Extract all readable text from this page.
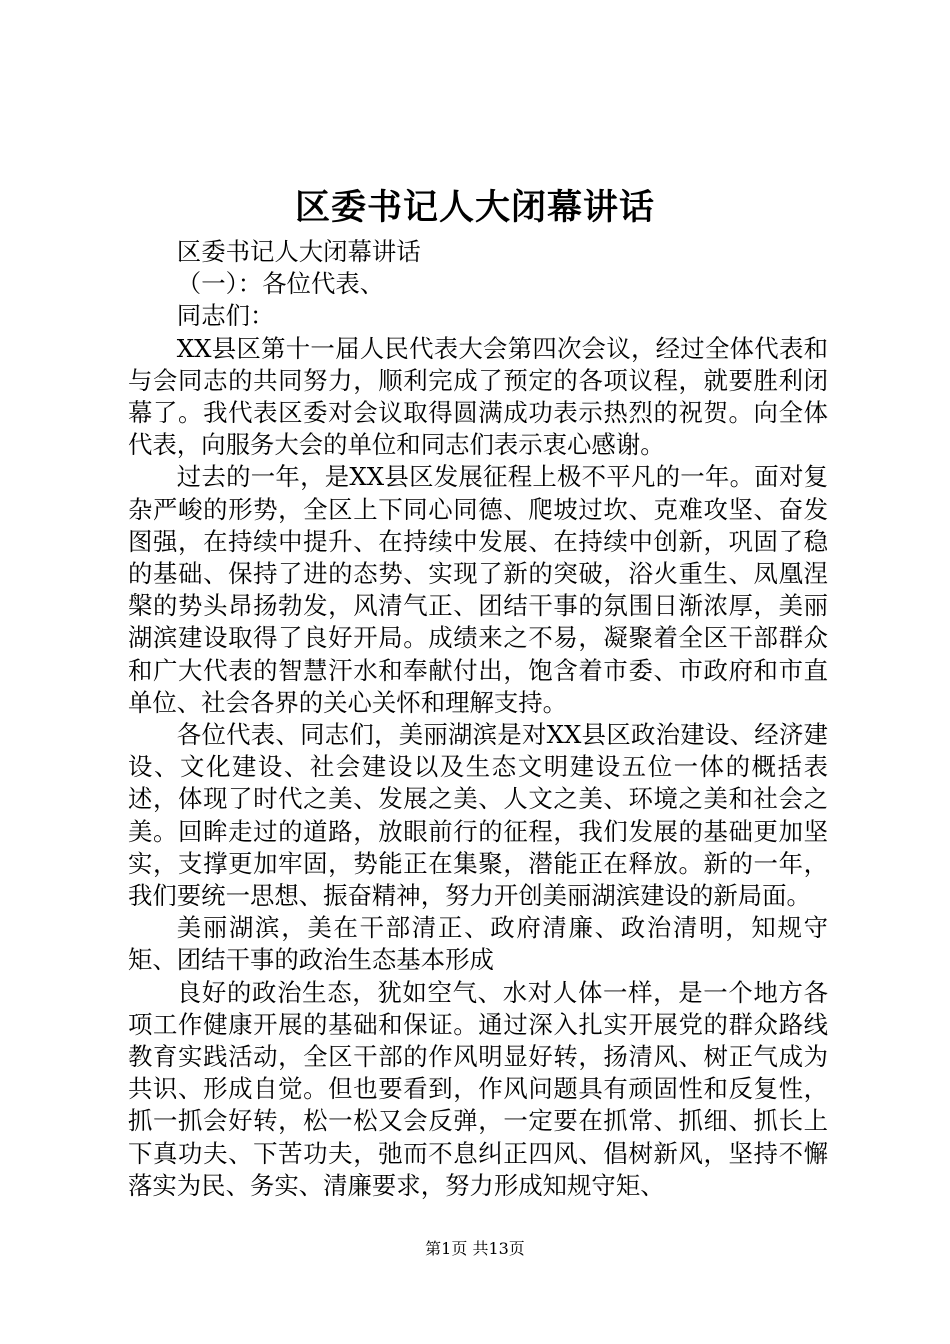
区委书记人大闭幕讲话

区委书记人大闭幕讲话

（一）：各位代表、

同志们：

XX县区第十一届人民代表大会第四次会议，经过全体代表和与会同志的共同努力，顺利完成了预定的各项议程，就要胜利闭幕了。我代表区委对会议取得圆满成功表示热烈的祝贺。向全体代表，向服务大会的单位和同志们表示衷心感谢。

过去的一年，是XX县区发展征程上极不平凡的一年。面对复杂严峻的形势，全区上下同心同德、爬坡过坎、克难攻坚、奋发图强，在持续中提升、在持续中发展、在持续中创新，巩固了稳的基础、保持了进的态势、实现了新的突破，浴火重生、凤凰涅槃的势头昂扬勃发，风清气正、团结干事的氛围日渐浓厚，美丽湖滨建设取得了良好开局。成绩来之不易，凝聚着全区干部群众和广大代表的智慧汗水和奉献付出，饱含着市委、市政府和市直单位、社会各界的关心关怀和理解支持。

各位代表、同志们，美丽湖滨是对XX县区政治建设、经济建设、文化建设、社会建设以及生态文明建设五位一体的概括表述，体现了时代之美、发展之美、人文之美、环境之美和社会之美。回眸走过的道路，放眼前行的征程，我们发展的基础更加坚实，支撑更加牢固，势能正在集聚，潜能正在释放。新的一年，我们要统一思想、振奋精神，努力开创美丽湖滨建设的新局面。

美丽湖滨，美在干部清正、政府清廉、政治清明，知规守矩、团结干事的政治生态基本形成

良好的政治生态，犹如空气、水对人体一样，是一个地方各项工作健康开展的基础和保证。通过深入扎实开展党的群众路线教育实践活动，全区干部的作风明显好转，扬清风、树正气成为共识、形成自觉。但也要看到，作风问题具有顽固性和反复性，抓一抓会好转，松一松又会反弹，一定要在抓常、抓细、抓长上下真功夫、下苦功夫，弛而不息纠正四风、倡树新风，坚持不懈落实为民、务实、清廉要求，努力形成知规守矩、

第1页 共13页
